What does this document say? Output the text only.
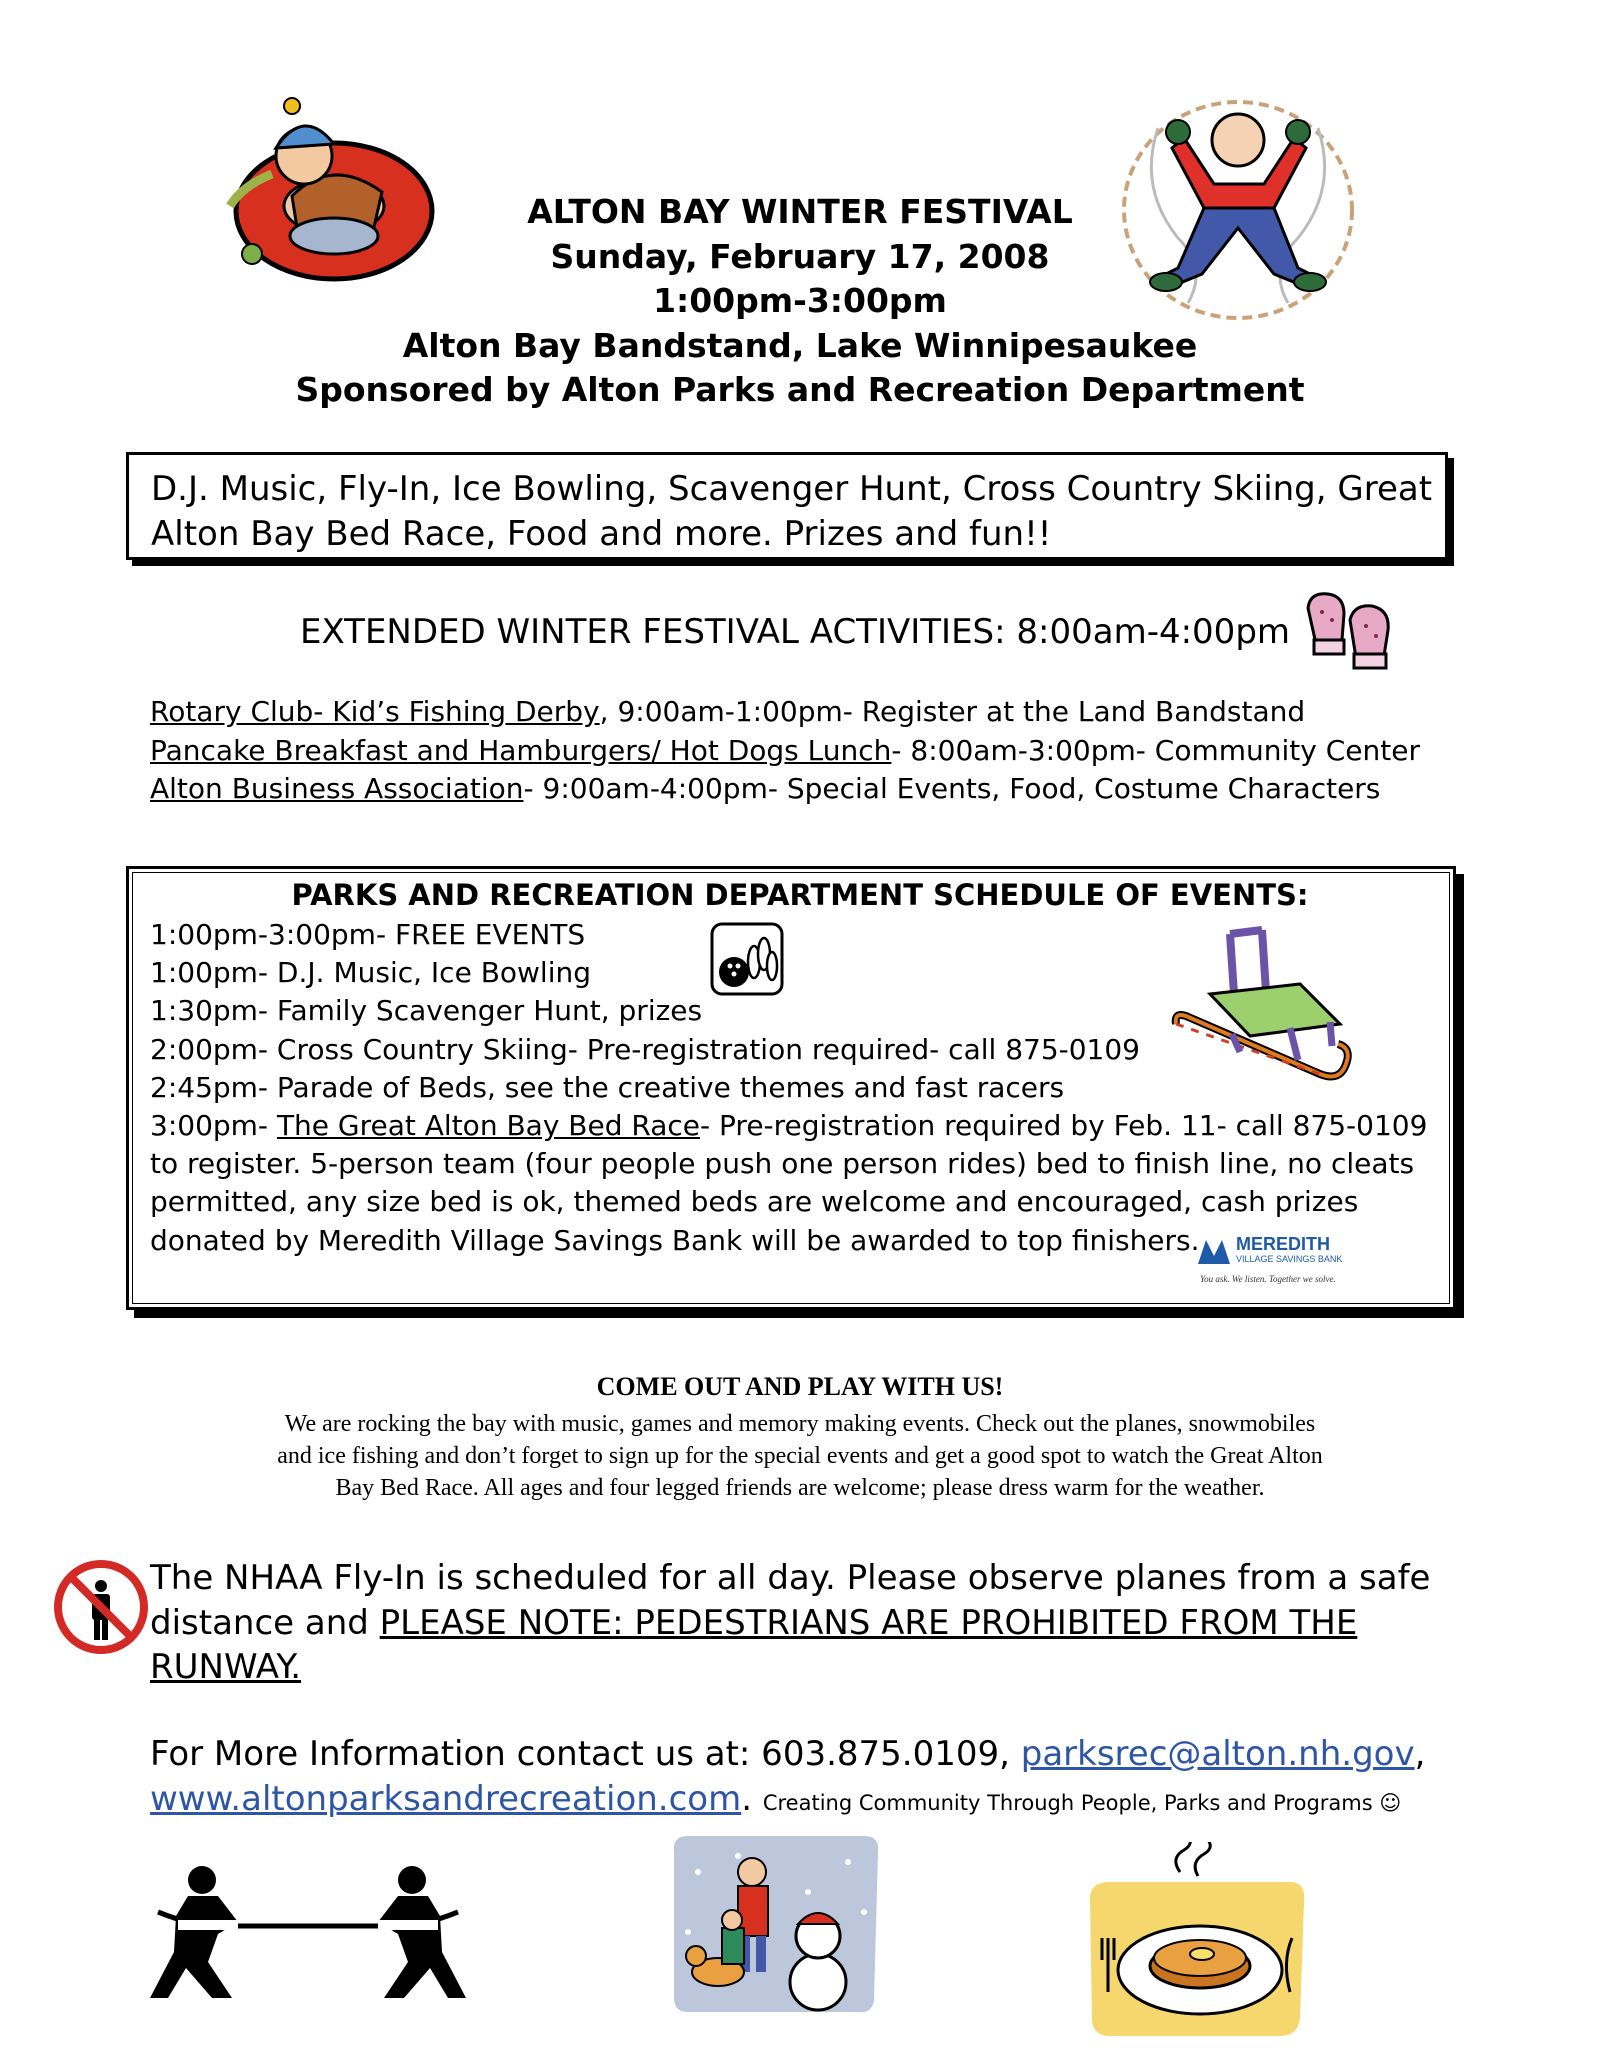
ALTON BAY WINTER FESTIVAL
Sunday, February 17, 2008
1:00pm-3:00pm
Alton Bay Bandstand, Lake Winnipesaukee
Sponsored by Alton Parks and Recreation Department
D.J. Music, Fly-In, Ice Bowling, Scavenger Hunt, Cross Country Skiing, Great
Alton Bay Bed Race, Food and more. Prizes and fun!!
EXTENDED WINTER FESTIVAL ACTIVITIES: 8:00am-4:00pm
Rotary Club- Kid’s Fishing Derby, 9:00am-1:00pm- Register at the Land Bandstand
Pancake Breakfast and Hamburgers/ Hot Dogs Lunch- 8:00am-3:00pm- Community Center
Alton Business Association- 9:00am-4:00pm- Special Events, Food, Costume Characters
PARKS AND RECREATION DEPARTMENT SCHEDULE OF EVENTS:
1:00pm-3:00pm- FREE EVENTS
1:00pm- D.J. Music, Ice Bowling
1:30pm- Family Scavenger Hunt, prizes
2:00pm- Cross Country Skiing- Pre-registration required- call 875-0109
2:45pm- Parade of Beds, see the creative themes and fast racers
3:00pm- The Great Alton Bay Bed Race- Pre-registration required by Feb. 11- call 875-0109
to register. 5-person team (four people push one person rides) bed to finish line, no cleats
permitted, any size bed is ok, themed beds are welcome and encouraged, cash prizes
donated by Meredith Village Savings Bank will be awarded to top finishers.	MEREDITH
VILLAGE SAVINGS BANK
You ask. We listen. Together we solve.
COME OUT AND PLAY WITH US!
We are rocking the bay with music, games and memory making events. Check out the planes, snowmobiles
and ice fishing and don’t forget to sign up for the special events and get a good spot to watch the Great Alton
Bay Bed Race. All ages and four legged friends are welcome; please dress warm for the weather.
The NHAA Fly-In is scheduled for all day. Please observe planes from a safe
distance and PLEASE NOTE: PEDESTRIANS ARE PROHIBITED FROM THE
RUNWAY.
For More Information contact us at: 603.875.0109, parksrec@alton.nh.gov,
www.altonparksandrecreation.com. Creating Community Through People, Parks and Programs ☺
